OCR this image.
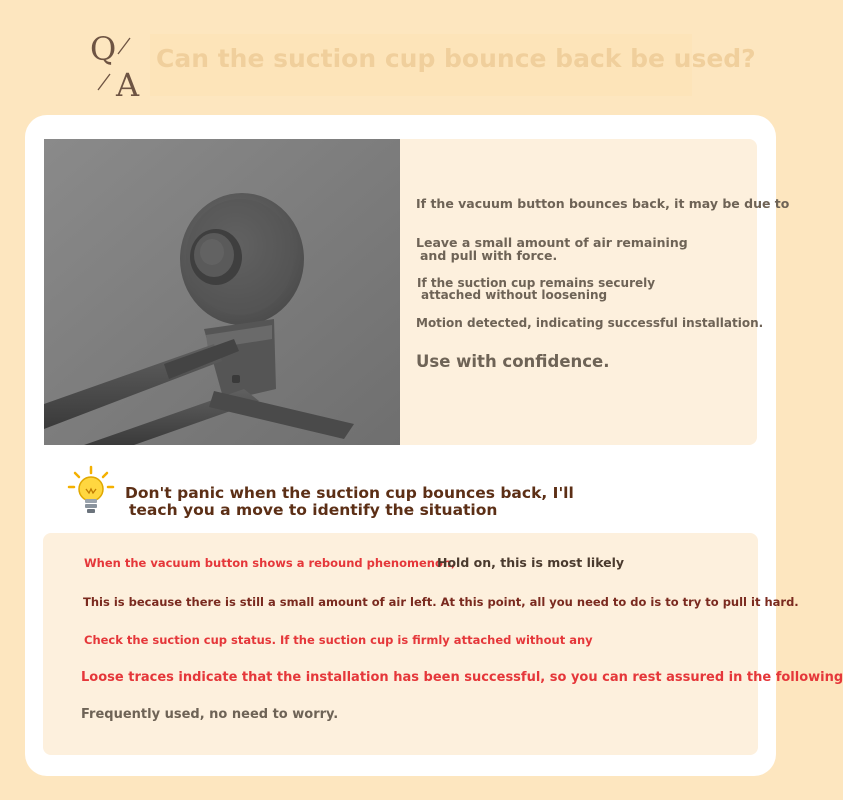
Q
A
Can the suction cup bounce back be used?

If the vacuum button bounces back, it may be due to

Leave a small amount of air remaining

and pull with force.

If the suction cup remains securely

attached without loosening

Motion detected, indicating successful installation.

Use with confidence.

Don't panic when the suction cup bounces back, I'll
teach you a move to identify the situation

When the vacuum button shows a rebound phenomenon,

Hold on, this is most likely

This is because there is still a small amount of air left. At this point, all you need to do is to try to pull it hard.

Check the suction cup status. If the suction cup is firmly attached without any

Loose traces indicate that the installation has been successful, so you can rest assured in the following

Frequently used, no need to worry.
